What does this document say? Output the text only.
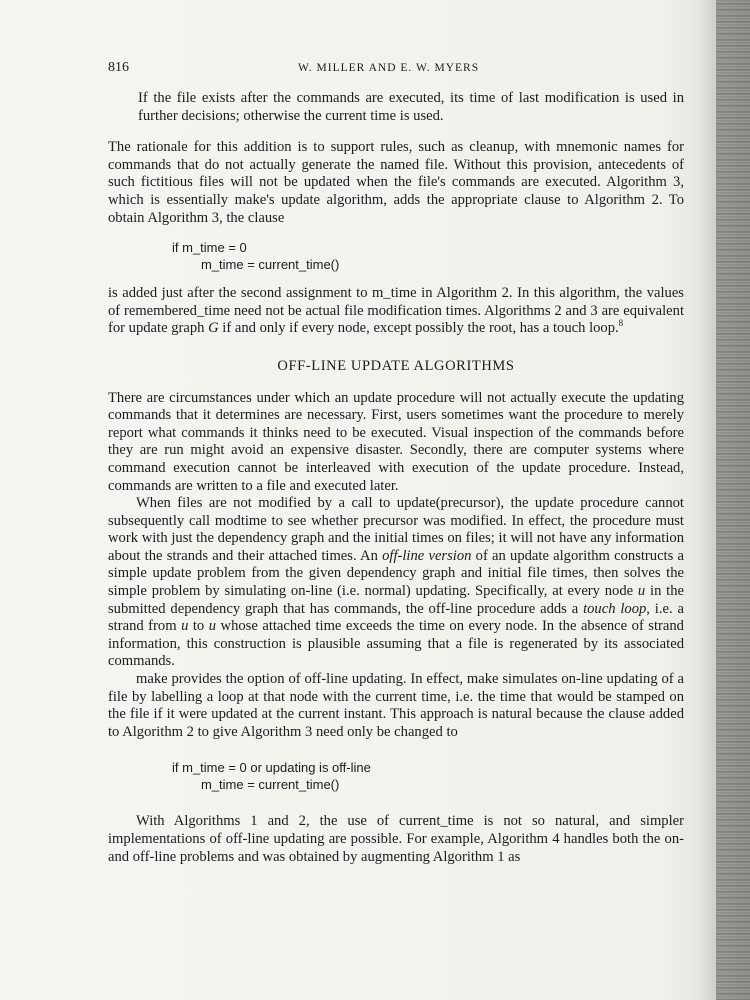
816	W. MILLER AND E. W. MYERS

If the file exists after the commands are executed, its time of last modification is used in further decisions; otherwise the current time is used.

The rationale for this addition is to support rules, such as cleanup, with mnemonic names for commands that do not actually generate the named file. Without this provision, antecedents of such fictitious files will not be updated when the file's commands are executed. Algorithm 3, which is essentially make's update algorithm, adds the appropriate clause to Algorithm 2. To obtain Algorithm 3, the clause

if m_time = 0
m_time = current_time()

is added just after the second assignment to m_time in Algorithm 2. In this algorithm, the values of remembered_time need not be actual file modification times. Algorithms 2 and 3 are equivalent for update graph G if and only if every node, except possibly the root, has a touch loop.$^8$

OFF-LINE UPDATE ALGORITHMS

There are circumstances under which an update procedure will not actually execute the updating commands that it determines are necessary. First, users sometimes want the procedure to merely report what commands it thinks need to be executed. Visual inspection of the commands before they are run might avoid an expensive disaster. Secondly, there are computer systems where command execution cannot be interleaved with execution of the update procedure. Instead, commands are written to a file and executed later.

When files are not modified by a call to update(precursor), the update procedure cannot subsequently call modtime to see whether precursor was modified. In effect, the procedure must work with just the dependency graph and the initial times on files; it will not have any information about the strands and their attached times. An off-line version of an update algorithm constructs a simple update problem from the given dependency graph and initial file times, then solves the simple problem by simulating on-line (i.e. normal) updating. Specifically, at every node u in the submitted dependency graph that has commands, the off-line procedure adds a touch loop, i.e. a strand from u to u whose attached time exceeds the time on every node. In the absence of strand information, this construction is plausible assuming that a file is regenerated by its associated commands.

make provides the option of off-line updating. In effect, make simulates on-line updating of a file by labelling a loop at that node with the current time, i.e. the time that would be stamped on the file if it were updated at the current instant. This approach is natural because the clause added to Algorithm 2 to give Algorithm 3 need only be changed to

if m_time = 0 or updating is off-line
m_time = current_time()

With Algorithms 1 and 2, the use of current_time is not so natural, and simpler implementations of off-line updating are possible. For example, Algorithm 4 handles both the on- and off-line problems and was obtained by augmenting Algorithm 1 as
